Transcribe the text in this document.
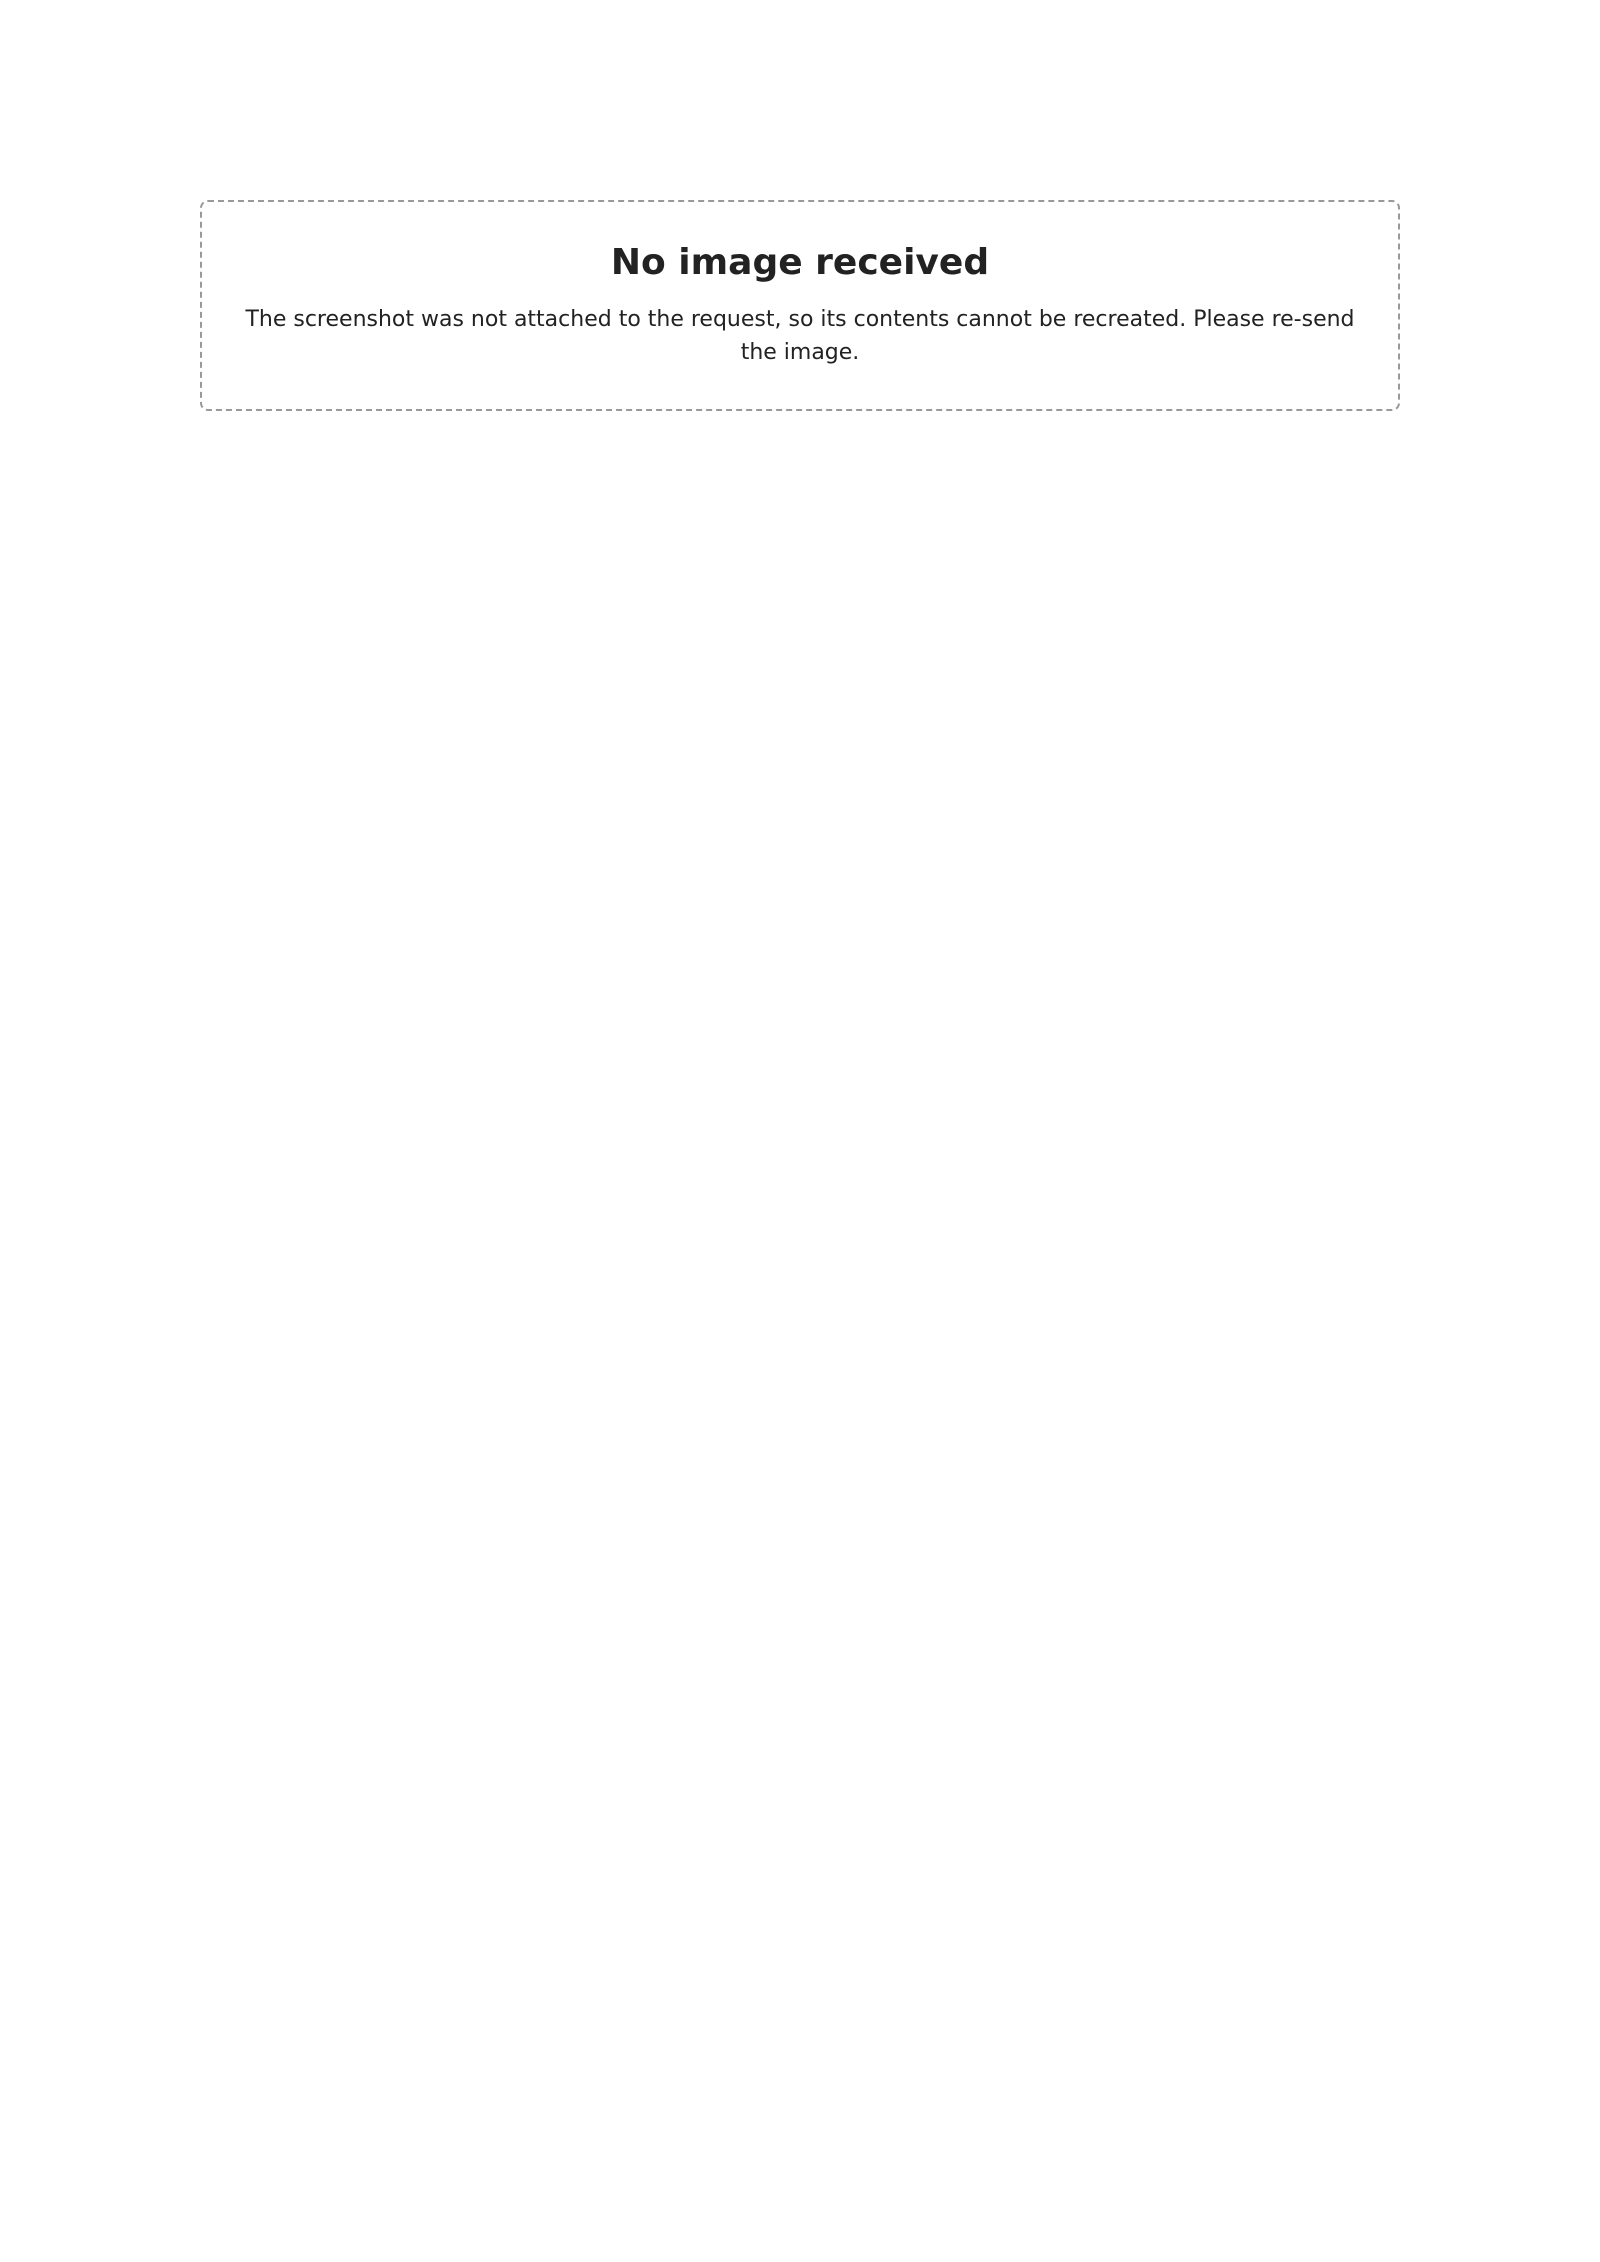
No image received

The screenshot was not attached to the request, so its contents cannot be recreated. Please re-send the image.
